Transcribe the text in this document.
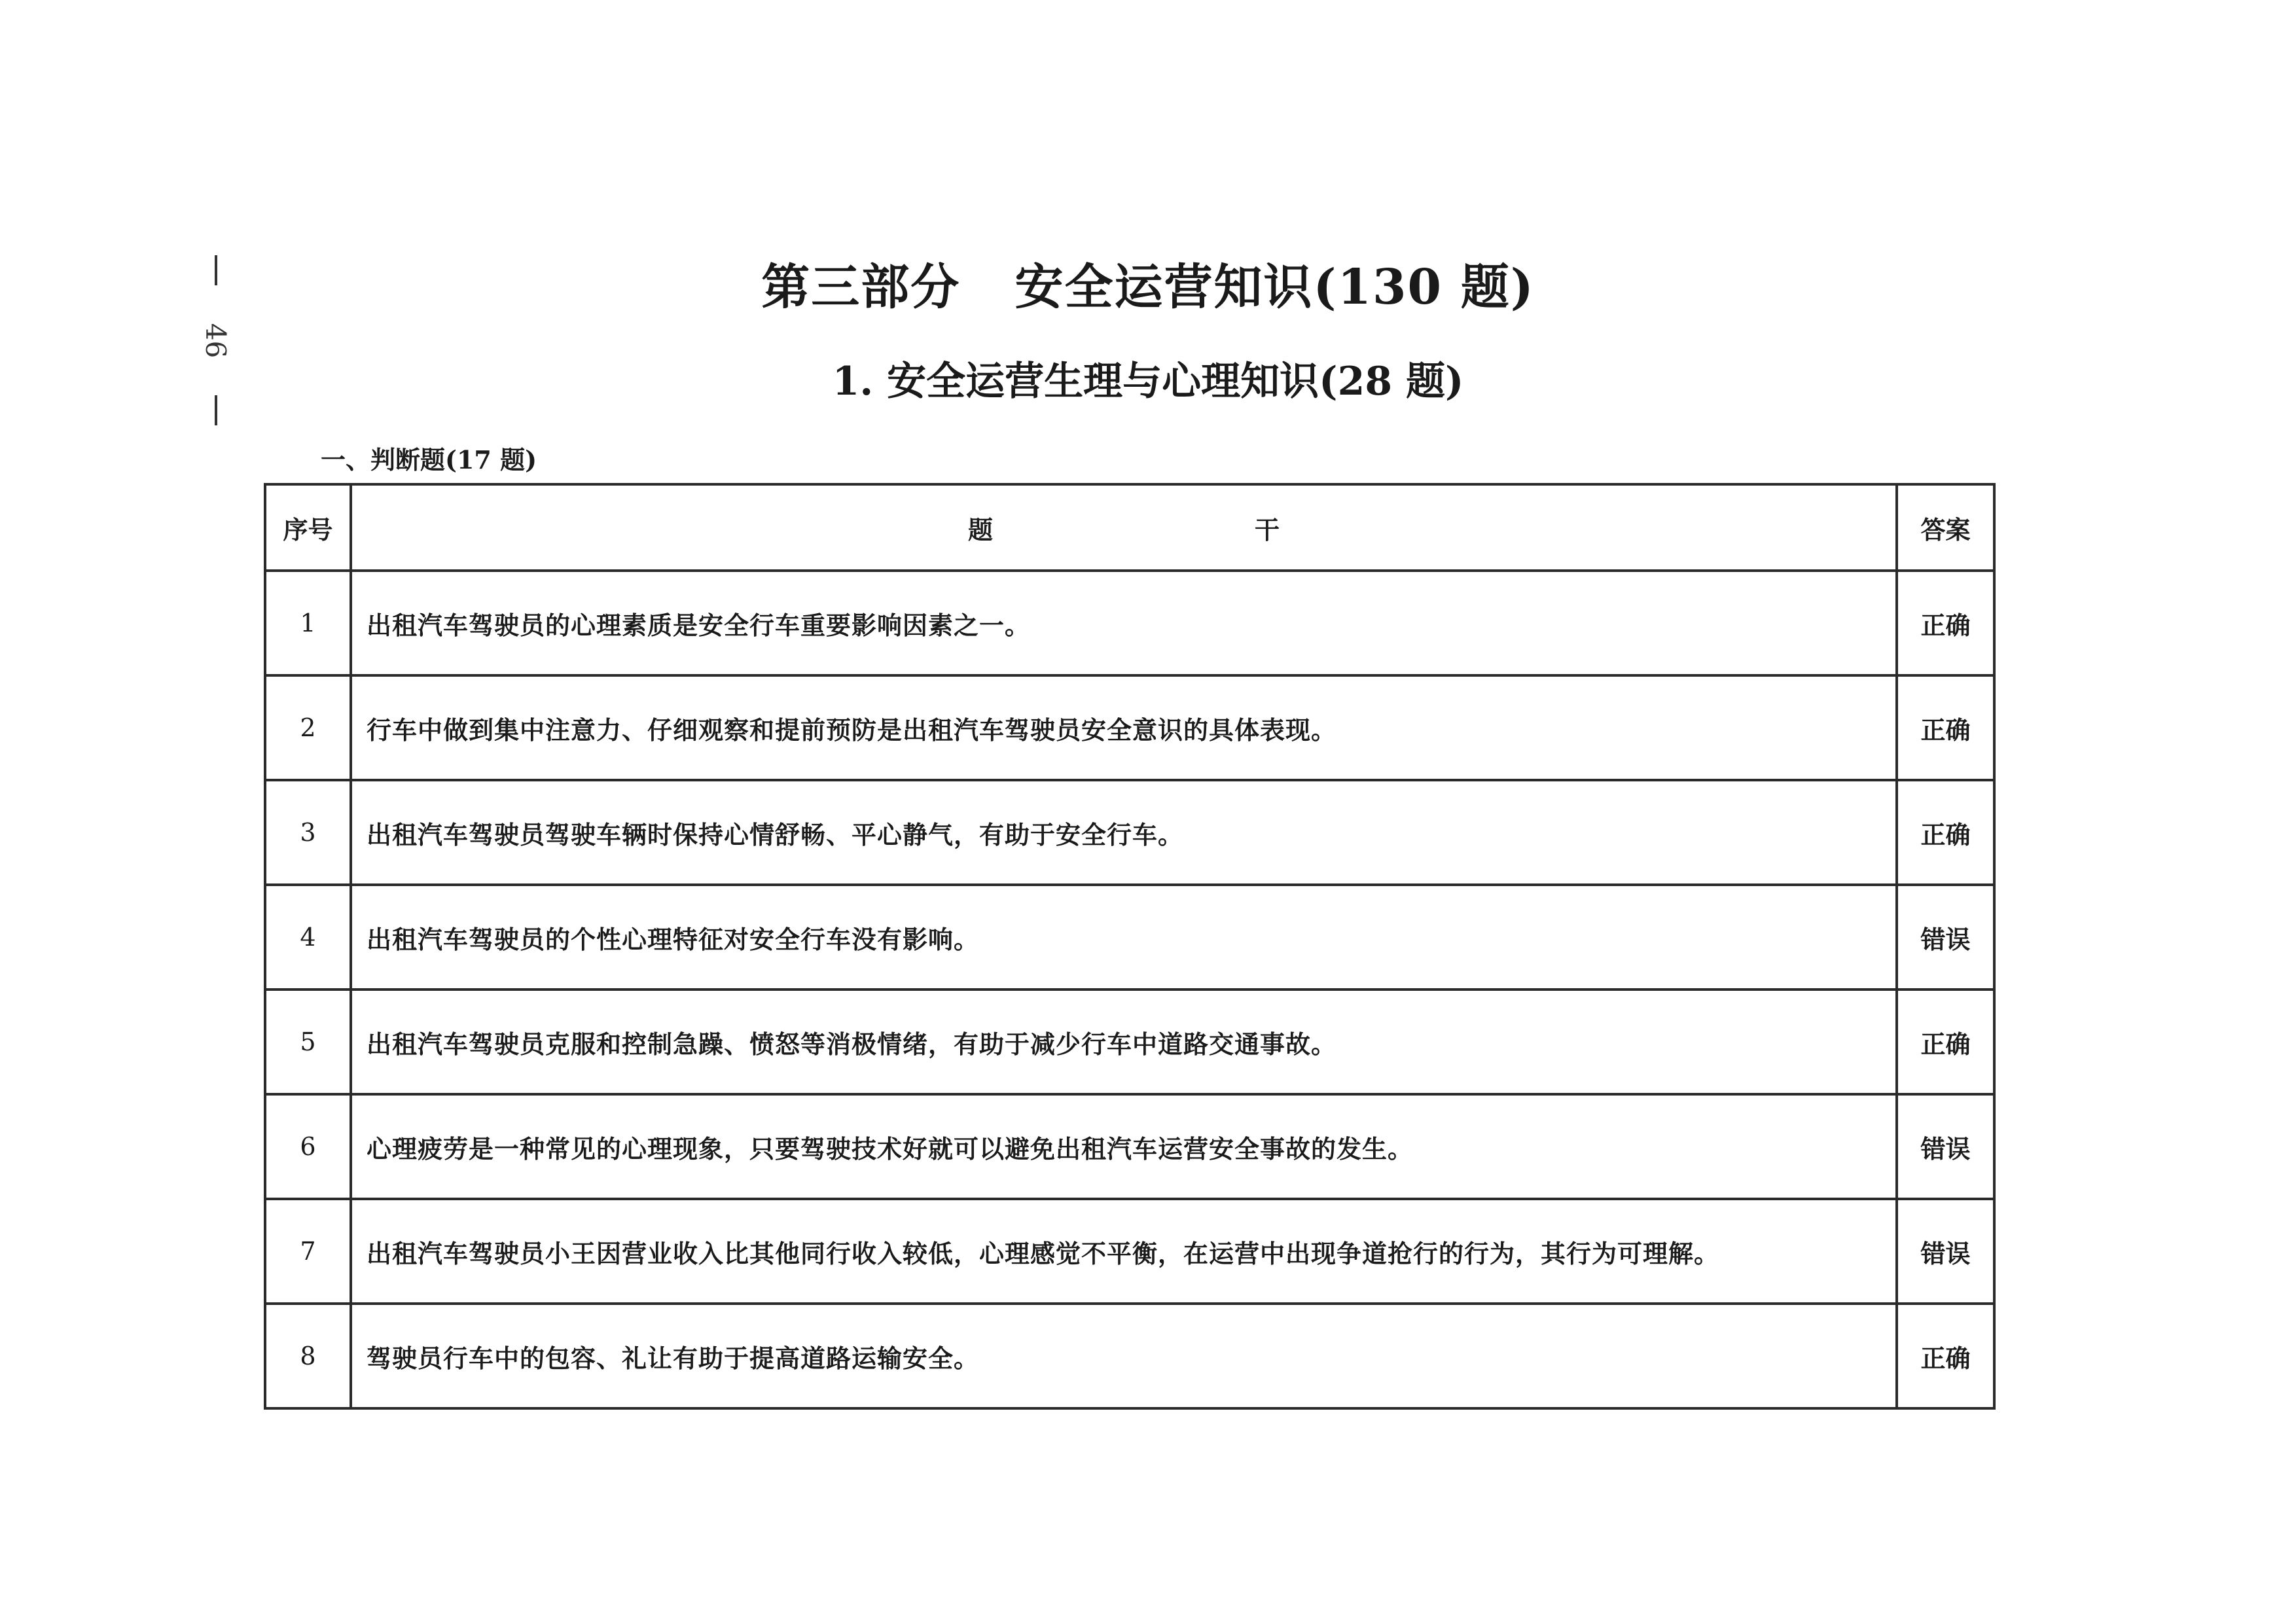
46
第三部分   安全运营知识(130 题)
1. 安全运营生理与心理知识(28 题)
一、判断题(17 题)
序号	题 干	答案
1	出租汽车驾驶员的心理素质是安全行车重要影响因素之一。	正确
2	行车中做到集中注意力、仔细观察和提前预防是出租汽车驾驶员安全意识的具体表现。	正确
3	出租汽车驾驶员驾驶车辆时保持心情舒畅、平心静气，有助于安全行车。	正确
4	出租汽车驾驶员的个性心理特征对安全行车没有影响。	错误
5	出租汽车驾驶员克服和控制急躁、愤怒等消极情绪，有助于减少行车中道路交通事故。	正确
6	心理疲劳是一种常见的心理现象，只要驾驶技术好就可以避免出租汽车运营安全事故的发生。	错误
7	出租汽车驾驶员小王因营业收入比其他同行收入较低，心理感觉不平衡，在运营中出现争道抢行的行为，其行为可理解。	错误
8	驾驶员行车中的包容、礼让有助于提高道路运输安全。	正确
